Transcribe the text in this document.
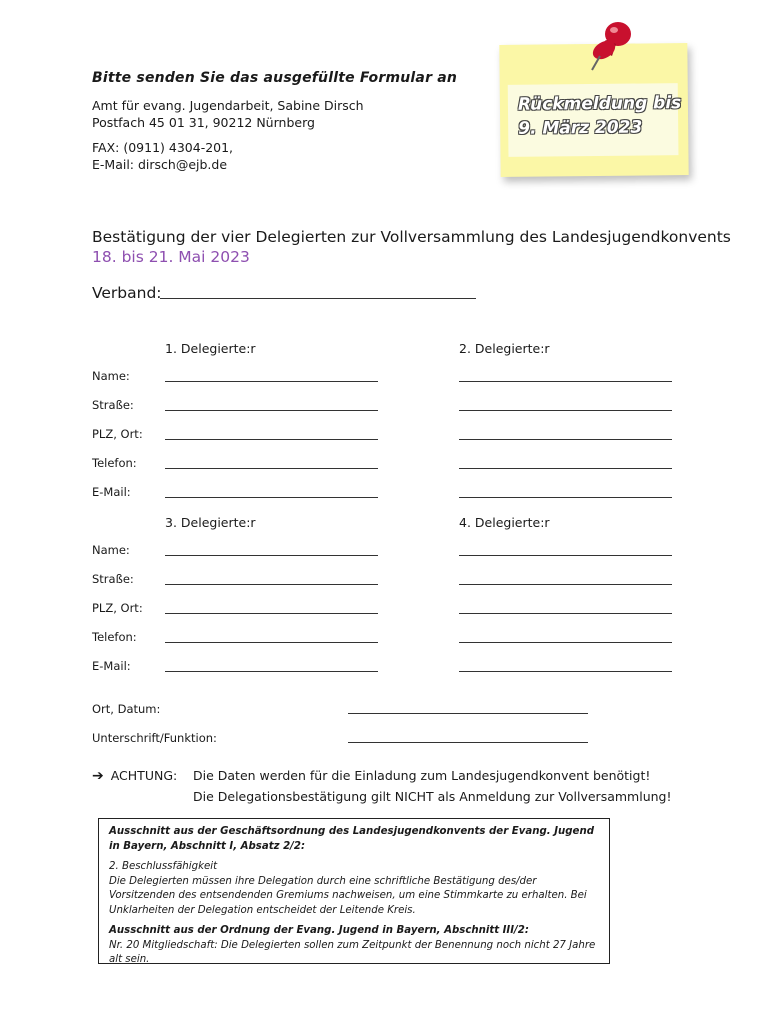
Bitte senden Sie das ausgefüllte Formular an
Amt für evang. Jugendarbeit, Sabine Dirsch
Postfach 45 01 31, 90212 Nürnberg
FAX: (0911) 4304-201,
E-Mail: dirsch@ejb.de
Rückmeldung bis
9. März 2023
Bestätigung der vier Delegierten zur Vollversammlung des Landesjugendkonvents
18. bis 21. Mai 2023
Verband:
1. Delegierte:r	2. Delegierte:r
3. Delegierte:r	4. Delegierte:r
Name:
Straße:
PLZ, Ort:
Telefon:
E-Mail:
Name:
Straße:
PLZ, Ort:
Telefon:
E-Mail:
Ort, Datum:
Unterschrift/Funktion:
➔ ACHTUNG: Die Daten werden für die Einladung zum Landesjugendkonvent benötigt!
Die Delegationsbestätigung gilt NICHT als Anmeldung zur Vollversammlung!

Ausschnitt aus der Geschäftsordnung des Landesjugendkonvents der Evang. Jugend in Bayern, Abschnitt I, Absatz 2/2:

2. Beschlussfähigkeit

Die Delegierten müssen ihre Delegation durch eine schriftliche Bestätigung des/der Vorsitzenden des entsendenden Gremiums nachweisen, um eine Stimmkarte zu erhalten. Bei Unklarheiten der Delegation entscheidet der Leitende Kreis.

Ausschnitt aus der Ordnung der Evang. Jugend in Bayern, Abschnitt III/2:

Nr. 20 Mitgliedschaft: Die Delegierten sollen zum Zeitpunkt der Benennung noch nicht 27 Jahre alt sein.
